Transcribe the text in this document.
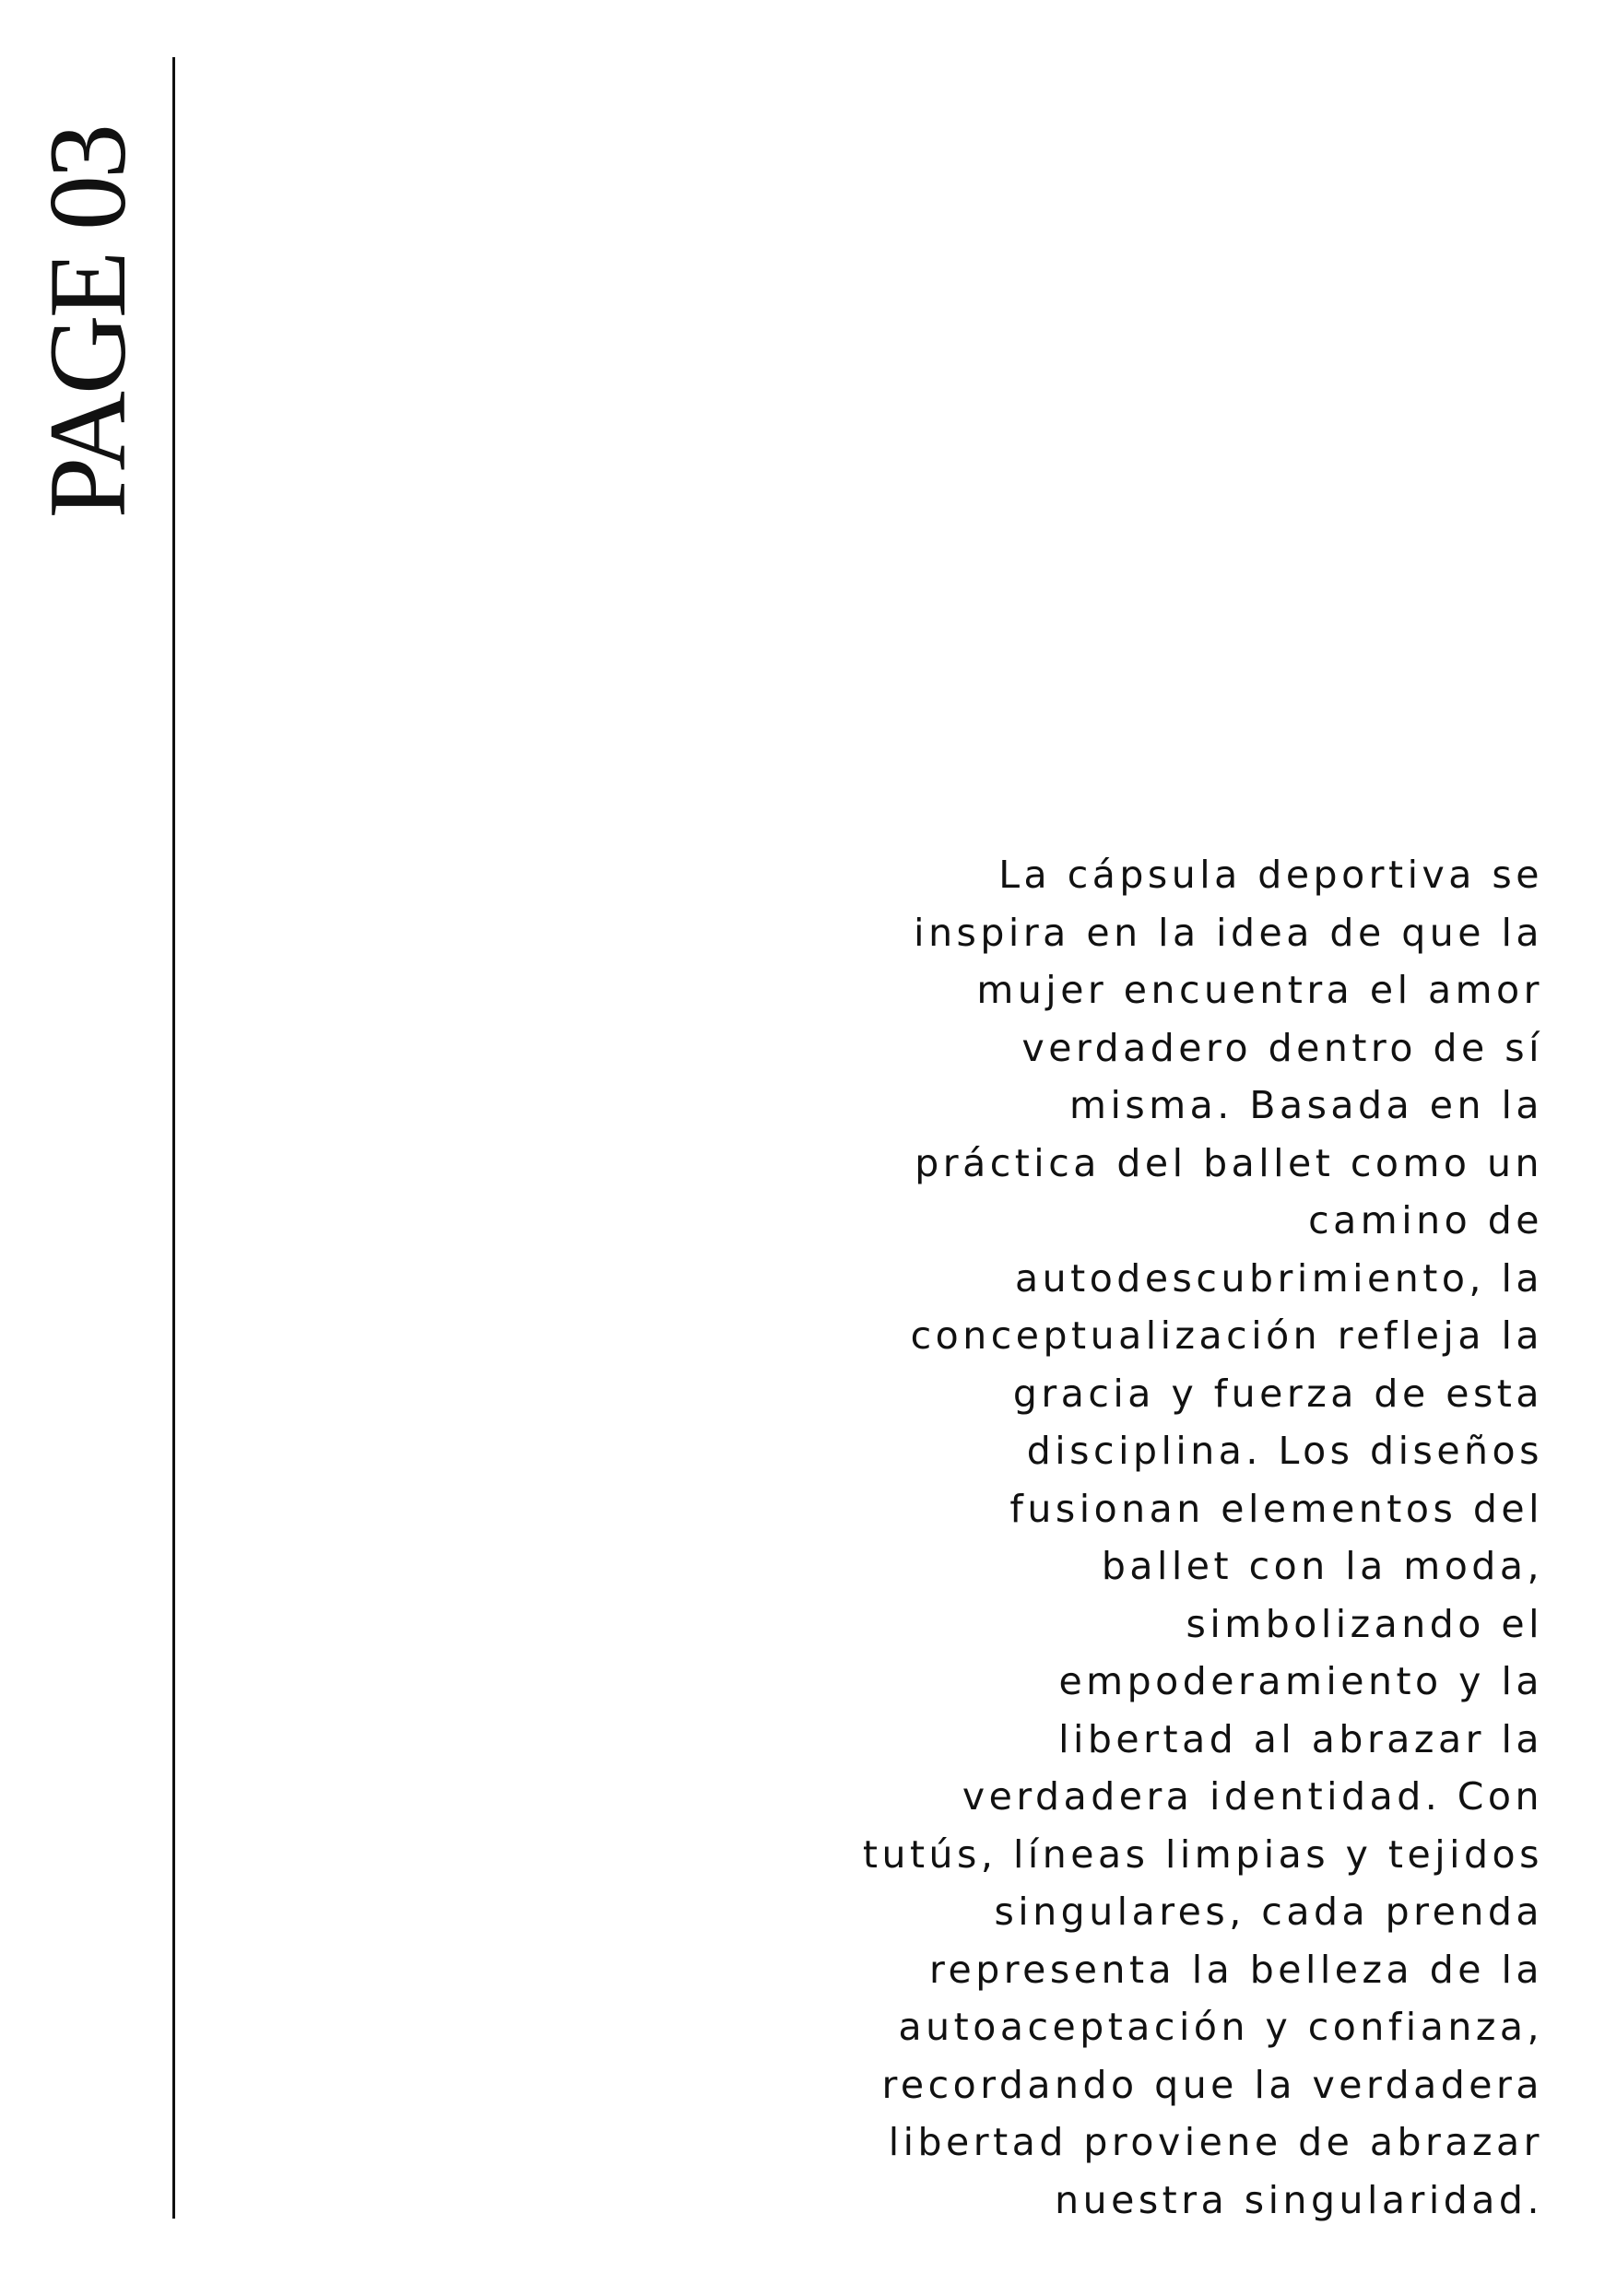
PAGE 03
La cápsula deportiva se
inspira en la idea de que la
mujer encuentra el amor
verdadero dentro de sí
misma. Basada en la
práctica del ballet como un
camino de
autodescubrimiento, la
conceptualización refleja la
gracia y fuerza de esta
disciplina. Los diseños
fusionan elementos del
ballet con la moda,
simbolizando el
empoderamiento y la
libertad al abrazar la
verdadera identidad. Con
tutús, líneas limpias y tejidos
singulares, cada prenda
representa la belleza de la
autoaceptación y confianza,
recordando que la verdadera
libertad proviene de abrazar
nuestra singularidad.
